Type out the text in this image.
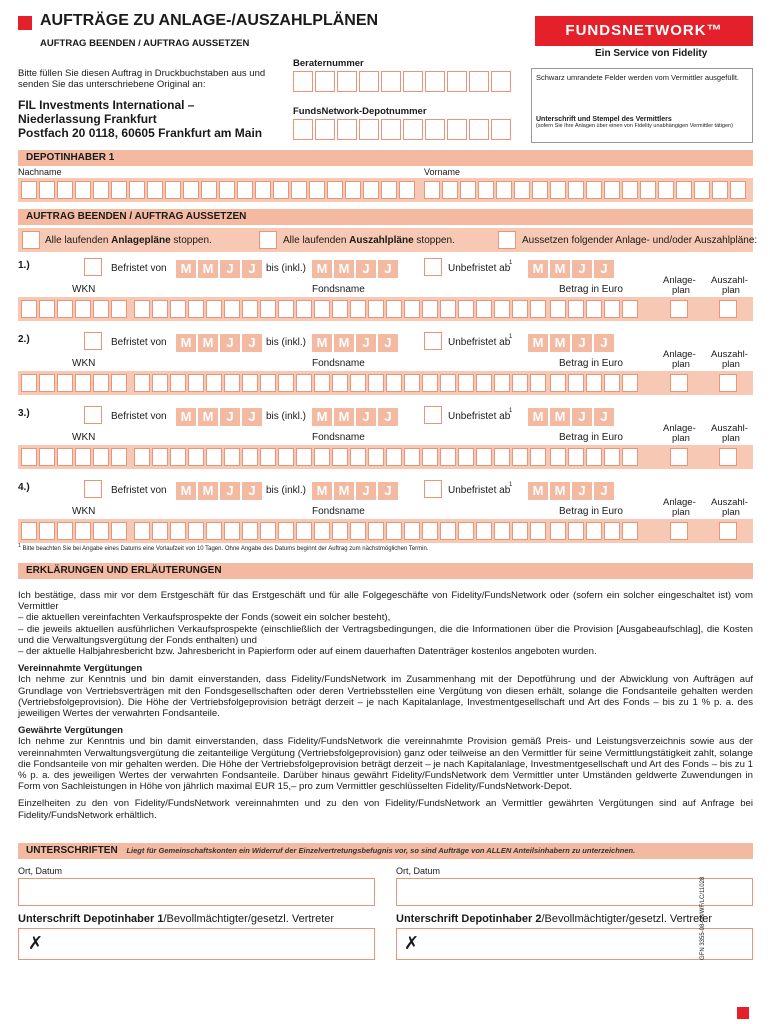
AUFTRÄGE ZU ANLAGE-/AUSZAHLPLÄNEN
AUFTRAG BEENDEN / AUFTRAG AUSSETZEN
FUNDSNETWORK™
Ein Service von Fidelity
Bitte füllen Sie diesen Auftrag in Druckbuchstaben aus und senden Sie das unterschriebene Original an:
FIL Investments International –
Niederlassung Frankfurt
Postfach 20 0118, 60605 Frankfurt am Main
Beraternummer
FundsNetwork-Depotnummer
Schwarz umrandete Felder werden vom Vermittler ausgefüllt.
Unterschrift und Stempel des Vermittlers
(sofern Sie Ihre Anlagen über einen von Fidelity unabhängigen Vermittler tätigen)
DEPOTINHABER 1
Nachname	Vorname
AUFTRAG BEENDEN / AUFTRAG AUSSETZEN
Alle laufenden Anlagepläne stoppen.	Alle laufenden Auszahlpläne stoppen.	Aussetzen folgender Anlage- und/oder Auszahlpläne:
1.)	Befristet von	M M J J	bis (inkl.) M M J J	Unbefristet ab
1	M M J J
Anlage-
plan
Auszahl-
plan
WKN	Fondsname	Betrag in Euro
2.)	Befristet von	M M J J	bis (inkl.) M M J J	Unbefristet ab
1	M M J J
Anlage-
plan
Auszahl-
plan
WKN	Fondsname	Betrag in Euro
3.)	Befristet von	M M J J	bis (inkl.) M M J J	Unbefristet ab
1	M M J J
Anlage-
plan
Auszahl-
plan
WKN	Fondsname	Betrag in Euro
4.)	Befristet von	M M J J	bis (inkl.) M M J J	Unbefristet ab
1	M M J J
Anlage-
plan
Auszahl-
plan
WKN	Fondsname	Betrag in Euro
$^1$ Bitte beachten Sie bei Angabe eines Datums eine Vorlaufzeit von 10 Tagen. Ohne Angabe des Datums beginnt der Auftrag zum nächstmöglichen Termin.
ERKLÄRUNGEN UND ERLÄUTERUNGEN
Ich bestätige, dass mir vor dem Erstgeschäft für das Erstgeschäft und für alle Folgegeschäfte von Fidelity/FundsNetwork oder (sofern ein solcher eingeschaltet ist) vom Vermittler
– die aktuellen vereinfachten Verkaufsprospekte der Fonds (soweit ein solcher besteht),
– die jeweils aktuellen ausführlichen Verkaufsprospekte (einschließlich der Vertragsbedingungen, die die Informationen über die Provision [Ausgabeaufschlag], die Kosten und die Verwaltungsvergütung der Fonds enthalten) und
– der aktuelle Halbjahresbericht bzw. Jahresbericht in Papierform oder auf einem dauerhaften Datenträger kostenlos angeboten wurden.
Vereinnahmte Vergütungen
Ich nehme zur Kenntnis und bin damit einverstanden, dass Fidelity/FundsNetwork im Zusammenhang mit der Depotführung und der Abwicklung von Aufträgen auf Grundlage von Vertriebsverträgen mit den Fondsgesellschaften oder deren Vertriebsstellen eine Vergütung von diesen erhält, solange die Fondsanteile gehalten werden (Vertriebsfolgeprovision). Die Höhe der Vertriebsfolgeprovision beträgt derzeit – je nach Kapitalanlage, Investmentgesellschaft und Art des Fonds – bis zu 1 % p. a. des jeweiligen Wertes der verwahrten Fondsanteile.
Gewährte Vergütungen
Ich nehme zur Kenntnis und bin damit einverstanden, dass Fidelity/FundsNetwork die vereinnahmte Provision gemäß Preis- und Leistungsverzeichnis sowie aus der vereinnahmten Verwaltungsvergütung die zeitanteilige Vergütung (Vertriebsfolgeprovision) ganz oder teilweise an den Vermittler für seine Vermittlungstätigkeit zahlt, solange die Fondsanteile von mir gehalten werden. Die Höhe der Vertriebsfolgeprovision beträgt derzeit – je nach Kapitalanlage, Investmentgesellschaft und Art des Fonds – bis zu 1 % p. a. des jeweiligen Wertes der verwahrten Fondsanteile. Darüber hinaus gewährt Fidelity/FundsNetwork dem Vermittler unter Umständen geldwerte Zuwendungen in Form von Sachleistungen in Höhe von jährlich maximal EUR 15,– pro zum Vermittler geschlüsselten Fidelity/FundsNetwork-Depot.
Einzelheiten zu den von Fidelity/FundsNetwork vereinnahmten und zu den von Fidelity/FundsNetwork an Vermittler gewährten Vergütungen sind auf Anfrage bei Fidelity/FundsNetwork erhältlich.
UNTERSCHRIFTEN Liegt für Gemeinschaftskonten ein Widerruf der Einzelvertretungsbefugnis vor, so sind Aufträge von ALLEN Anteilsinhabern zu unterzeichnen.
Ort, Datum	Ort, Datum
Unterschrift Depotinhaber 1/Bevollmächtigter/gesetzl. Vertreter	Unterschrift Depotinhaber 2/Bevollmächtigter/gesetzl. Vertreter
✗	✗	GFN 3355-08-08/WF/LC/11028
